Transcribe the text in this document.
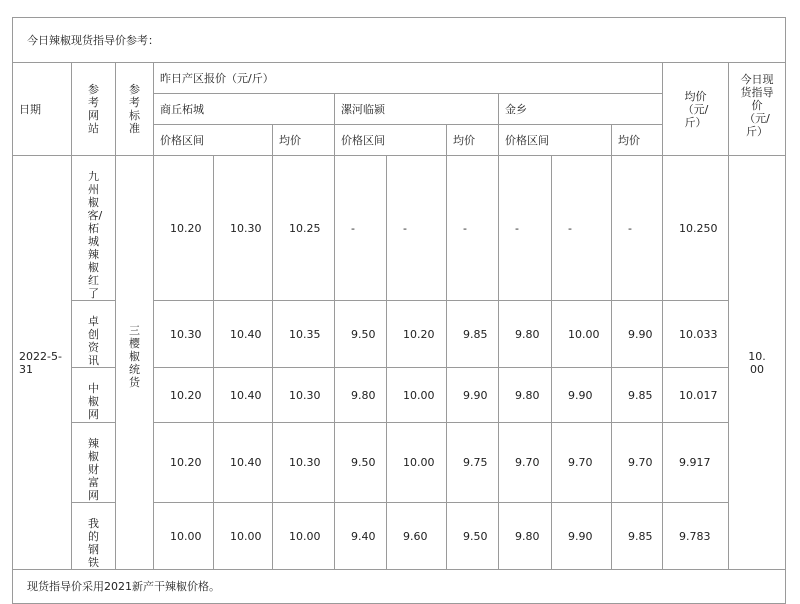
今日辣椒现货指导价参考：													
日期	参考网站	参考标准	昨日产区报价（元/斤）									均价（元/斤）	今日现货指导价（元/斤）
			商丘柘城			漯河临颍			金乡				
			价格区间		均价	价格区间		均价	价格区间		均价		
2022-5-31	九州椒客/柘城辣椒红了	三樱椒统货	10.20	10.30	10.25	-	-	-	-	-	-	10.250	10.00
	卓创资讯		10.30	10.40	10.35	9.50	10.20	9.85	9.80	10.00	9.90	10.033	
	中椒网		10.20	10.40	10.30	9.80	10.00	9.90	9.80	9.90	9.85	10.017	
	辣椒财富网		10.20	10.40	10.30	9.50	10.00	9.75	9.70	9.70	9.70	9.917	
	我的钢铁		10.00	10.00	10.00	9.40	9.60	9.50	9.80	9.90	9.85	9.783	
现货指导价采用2021新产干辣椒价格。													
